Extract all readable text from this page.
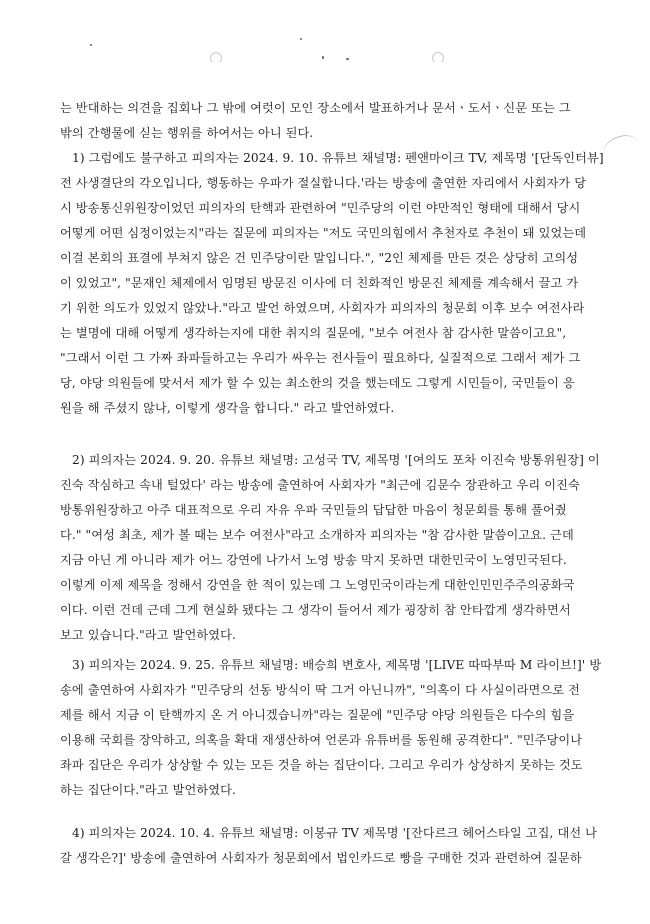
는 반대하는 의견을 집회나 그 밖에 여럿이 모인 장소에서 발표하거나 문서ㆍ도서ㆍ신문 또는 그
밖의 간행물에 싣는 행위를 하여서는 아니 된다.
1) 그럼에도 불구하고 피의자는 2024. 9. 10. 유튜브 채널명: 펜앤마이크 TV, 제목명 '[단독인터뷰]
전 사생결단의 각오입니다, 행동하는 우파가 절실합니다.'라는 방송에 출연한 자리에서 사회자가 당
시 방송통신위원장이었던 피의자의 탄핵과 관련하여 "민주당의 이런 야만적인 형태에 대해서 당시
어떻게 어떤 심정이었는지"라는 질문에 피의자는 "저도 국민의힘에서 추천자로 추천이 돼 있었는데
이걸 본회의 표결에 부쳐지 않은 건 민주당이란 말입니다.", "2인 체제를 만든 것은 상당히 고의성
이 있었고", "문재인 체제에서 임명된 방문진 이사에 더 친화적인 방문진 체제를 계속해서 끌고 가
기 위한 의도가 있었지 않았나."라고 발언 하였으며, 사회자가 피의자의 청문회 이후 보수 여전사라
는 별명에 대해 어떻게 생각하는지에 대한 취지의 질문에, "보수 여전사 참 감사한 말씀이고요",
"그래서 이런 그 가짜 좌파들하고는 우리가 싸우는 전사들이 필요하다, 실질적으로 그래서 제가 그
당, 야당 의원들에 맞서서 제가 할 수 있는 최소한의 것을 했는데도 그렇게 시민들이, 국민들이 응
원을 해 주셨지 않나, 이렇게 생각을 합니다." 라고 발언하였다.
2) 피의자는 2024. 9. 20. 유튜브 채널명: 고성국 TV, 제목명 '[여의도 포차 이진숙 방통위원장] 이
진숙 작심하고 속내 털었다' 라는 방송에 출연하여 사회자가 "최근에 김문수 장관하고 우리 이진숙
방통위원장하고 아주 대표적으로 우리 자유 우파 국민들의 답답한 마음이 청문회를 통해 풀어줬
다." "여성 최초, 제가 볼 때는 보수 여전사"라고 소개하자 피의자는 "참 감사한 말씀이고요. 근데
지금 아닌 게 아니라 제가 어느 강연에 나가서 노영 방송 막지 못하면 대한민국이 노영민국된다.
이렇게 이제 제목을 정해서 강연을 한 적이 있는데 그 노영민국이라는게 대한인민민주주의공화국
이다. 이런 건데 근데 그게 현실화 됐다는 그 생각이 들어서 제가 굉장히 참 안타깝게 생각하면서
보고 있습니다."라고 발언하였다.
3) 피의자는 2024. 9. 25. 유튜브 채널명: 배승희 변호사, 제목명 '[LIVE 따따부따 M 라이브!]' 방
송에 출연하여 사회자가 "민주당의 선동 방식이 딱 그거 아닌니까", "의혹이 다 사실이라면으로 전
제를 해서 지금 이 탄핵까지 온 거 아니겠습니까"라는 질문에 "민주당 야당 의원들은 다수의 힘을
이용해 국회를 장악하고, 의혹을 확대 재생산하여 언론과 유튜버를 동원해 공격한다". "민주당이나
좌파 집단은 우리가 상상할 수 있는 모든 것을 하는 집단이다. 그리고 우리가 상상하지 못하는 것도
하는 집단이다."라고 발언하였다.
4) 피의자는 2024. 10. 4. 유튜브 채널명: 이봉규 TV 제목명 '[잔다르크 헤어스타일 고집, 대선 나
갈 생각은?]' 방송에 출연하여 사회자가 청문회에서 법인카드로 빵을 구매한 것과 관련하여 질문하
